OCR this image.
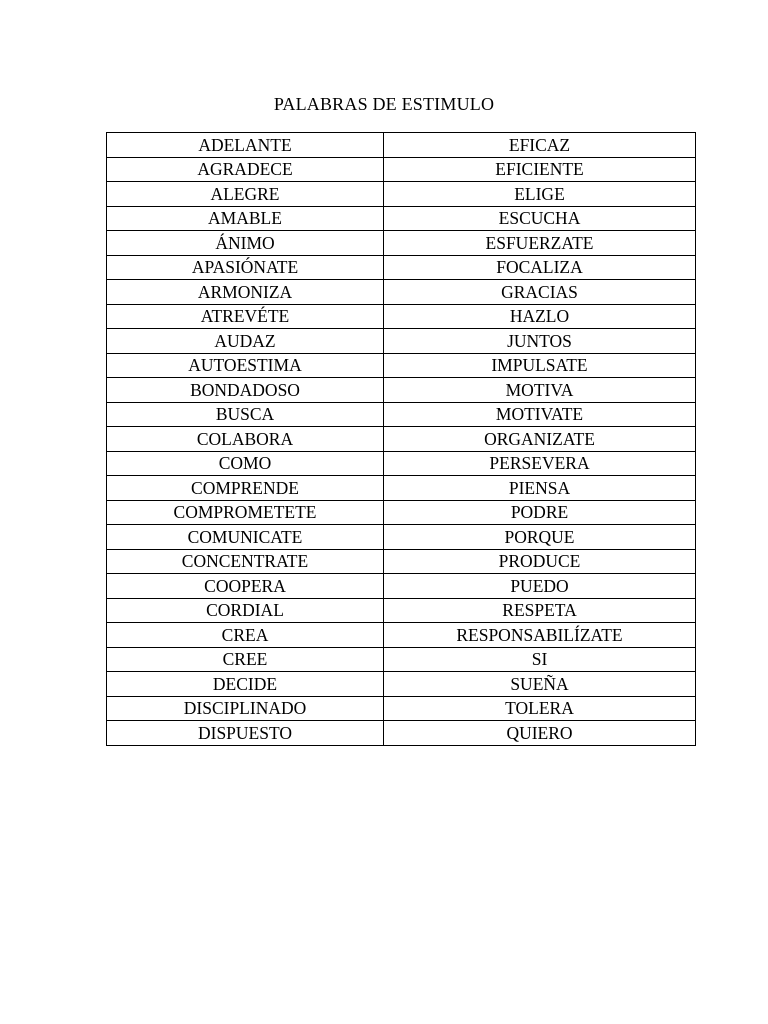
PALABRAS DE ESTIMULO
ADELANTE	EFICAZ
AGRADECE	EFICIENTE
ALEGRE	ELIGE
AMABLE	ESCUCHA
ÁNIMO	ESFUERZATE
APASIÓNATE	FOCALIZA
ARMONIZA	GRACIAS
ATREVÉTE	HAZLO
AUDAZ	JUNTOS
AUTOESTIMA	IMPULSATE
BONDADOSO	MOTIVA
BUSCA	MOTIVATE
COLABORA	ORGANIZATE
COMO	PERSEVERA
COMPRENDE	PIENSA
COMPROMETETE	PODRE
COMUNICATE	PORQUE
CONCENTRATE	PRODUCE
COOPERA	PUEDO
CORDIAL	RESPETA
CREA	RESPONSABILÍZATE
CREE	SI
DECIDE	SUEÑA
DISCIPLINADO	TOLERA
DISPUESTO	QUIERO
